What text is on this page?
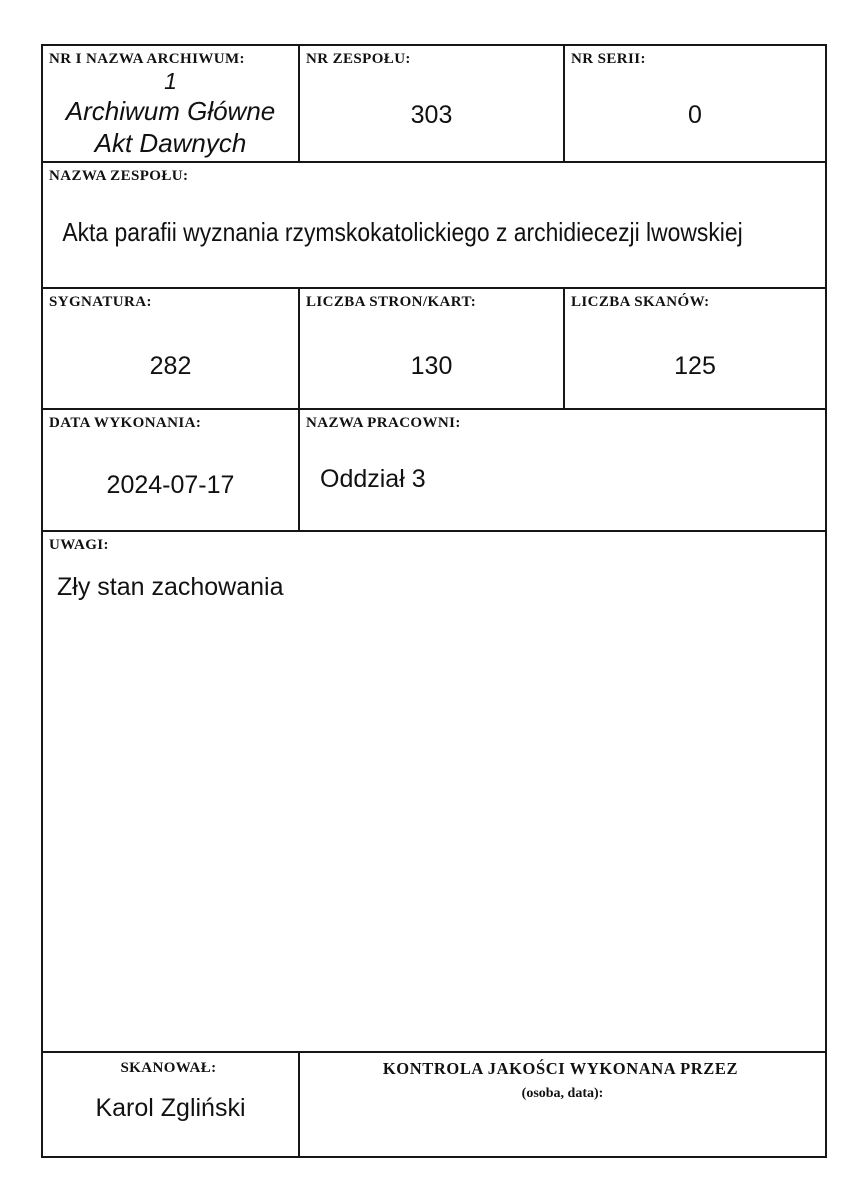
NR I NAZWA ARCHIWUM:
1
Archiwum Główne
Akt Dawnych
NR ZESPOŁU:
303
NR SERII:
0
NAZWA ZESPOŁU:
Akta parafii wyznania rzymskokatolickiego z archidiecezji lwowskiej
SYGNATURA:
282
LICZBA STRON/KART:
130
LICZBA SKANÓW:
125
DATA WYKONANIA:
2024-07-17
NAZWA PRACOWNI:
Oddział 3
UWAGI:
Zły stan zachowania
SKANOWAŁ:
Karol Zgliński
KONTROLA JAKOŚCI WYKONANA PRZEZ
(osoba, data):
